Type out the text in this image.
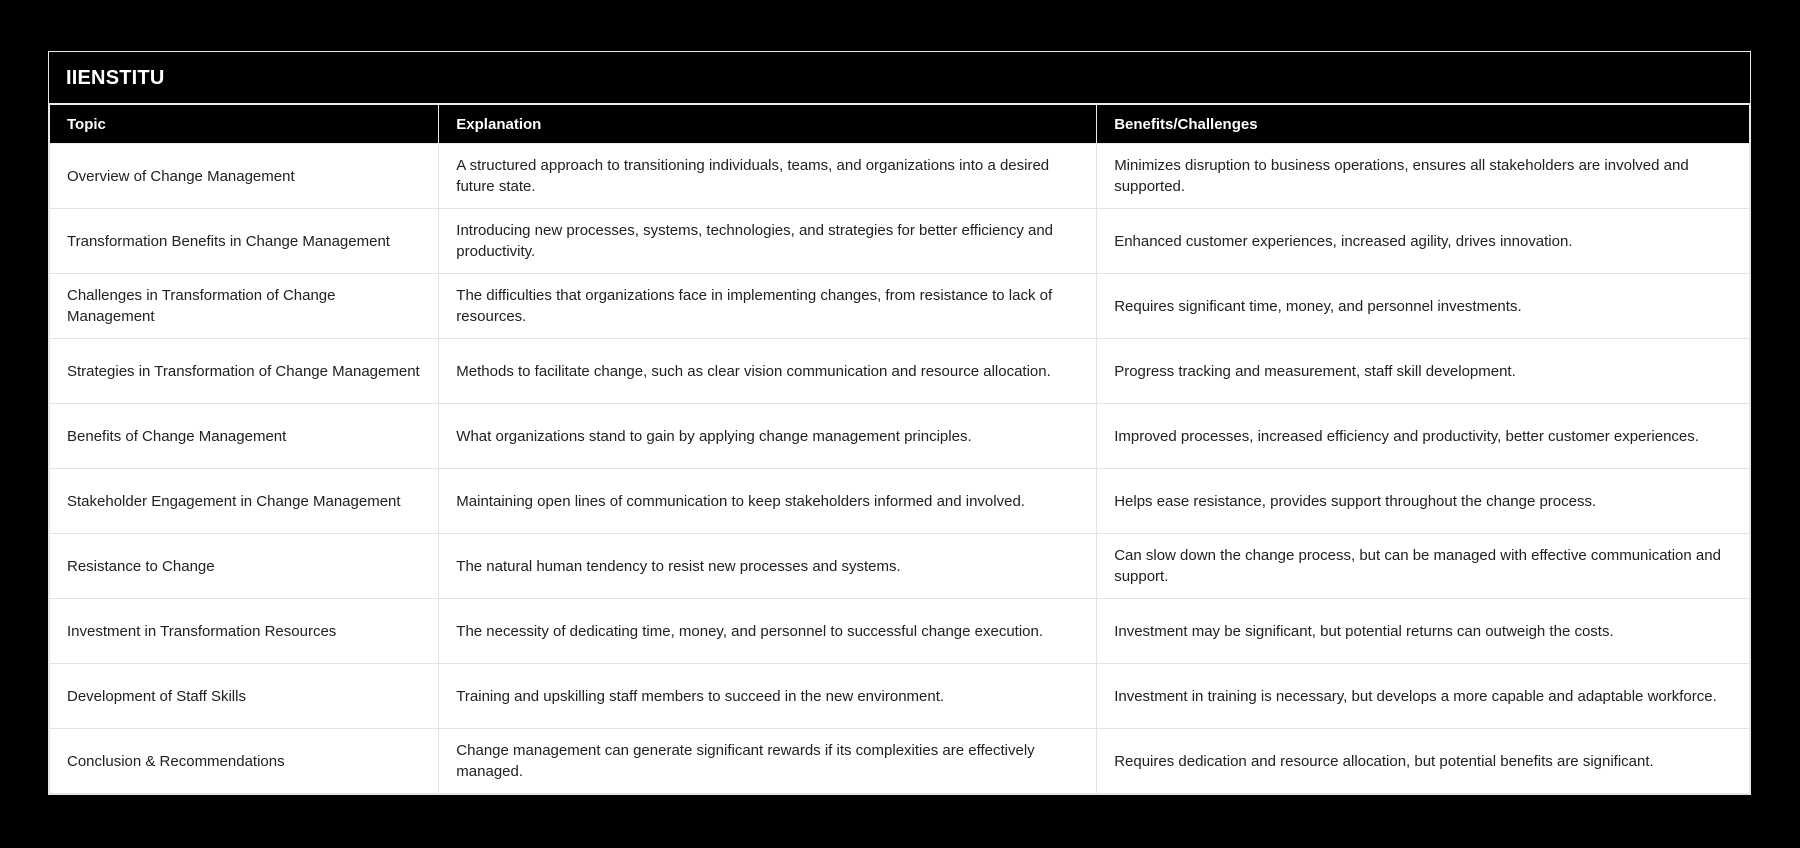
IIENSTITU
Topic	Explanation	Benefits/Challenges
Overview of Change Management	A structured approach to transitioning individuals, teams, and organizations into a desired future state.	Minimizes disruption to business operations, ensures all stakeholders are involved and supported.
Transformation Benefits in Change Management	Introducing new processes, systems, technologies, and strategies for better efficiency and productivity.	Enhanced customer experiences, increased agility, drives innovation.
Challenges in Transformation of Change Management	The difficulties that organizations face in implementing changes, from resistance to lack of resources.	Requires significant time, money, and personnel investments.
Strategies in Transformation of Change Management	Methods to facilitate change, such as clear vision communication and resource allocation.	Progress tracking and measurement, staff skill development.
Benefits of Change Management	What organizations stand to gain by applying change management principles.	Improved processes, increased efficiency and productivity, better customer experiences.
Stakeholder Engagement in Change Management	Maintaining open lines of communication to keep stakeholders informed and involved.	Helps ease resistance, provides support throughout the change process.
Resistance to Change	The natural human tendency to resist new processes and systems.	Can slow down the change process, but can be managed with effective communication and support.
Investment in Transformation Resources	The necessity of dedicating time, money, and personnel to successful change execution.	Investment may be significant, but potential returns can outweigh the costs.
Development of Staff Skills	Training and upskilling staff members to succeed in the new environment.	Investment in training is necessary, but develops a more capable and adaptable workforce.
Conclusion & Recommendations	Change management can generate significant rewards if its complexities are effectively managed.	Requires dedication and resource allocation, but potential benefits are significant.
